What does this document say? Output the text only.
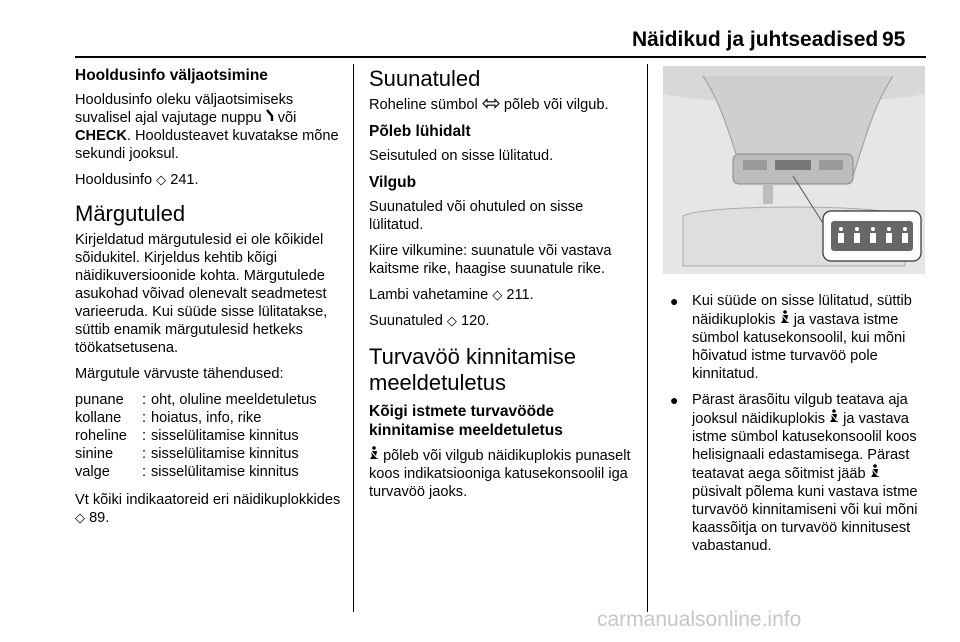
Näidikud ja juhtseadised 95
Hooldusinfo väljaotsimine

Hooldusinfo oleku väljaotsimiseks suvalisel ajal vajutage nuppu  või CHECK. Hooldusteavet kuvatakse mõne sekundi jooksul.

Hooldusinfo ◇ 241.

Märgutuled

Kirjeldatud märgutulesid ei ole kõikidel sõidukitel. Kirjeldus kehtib kõigi näidikuversioonide kohta. Märgutulede asukohad võivad olenevalt seadmetest varieeruda. Kui süüde sisse lülitatakse, süttib enamik märgutulesid hetkeks töökatsetusena.

Märgutule värvuste tähendused:

punane	:	oht, oluline meeldetuletus
kollane	:	hoiatus, info, rike
roheline	:	sisselülitamise kinnitus
sinine	:	sisselülitamise kinnitus
valge	:	sisselülitamise kinnitus

Vt kõiki indikaatoreid eri näidikuplokkides ◇ 89.

Suunatuled

Roheline sümbol põleb või vilgub.

Põleb lühidalt

Seisutuled on sisse lülitatud.

Vilgub

Suunatuled või ohutuled on sisse lülitatud.

Kiire vilkumine: suunatule või vastava kaitsme rike, haagise suunatule rike.

Lambi vahetamine ◇ 211.

Suunatuled ◇ 120.

Turvavöö kinnitamise meeldetuletus
Kõigi istmete turvavööde kinnitamise meeldetuletus

põleb või vilgub näidikuplokis punaselt koos indikatsiooniga katusekonsoolil iga turvavöö jaoks.

● Kui süüde on sisse lülitatud, süttib näidikuplokis ja vastava istme sümbol katusekonsoolil, kui mõni hõivatud istme turvavöö pole kinnitatud.
● Pärast ärasõitu vilgub teatava aja jooksul näidikuplokis ja vastava istme sümbol katusekonsoolil koos helisignaali edastamisega. Pärast teatavat aega sõitmist jääb  püsivalt põlema kuni vastava istme turvavöö kinnitamiseni või kui mõni kaassõitja on turvavöö kinnitusest vabastanud.
carmanualsonline.info
